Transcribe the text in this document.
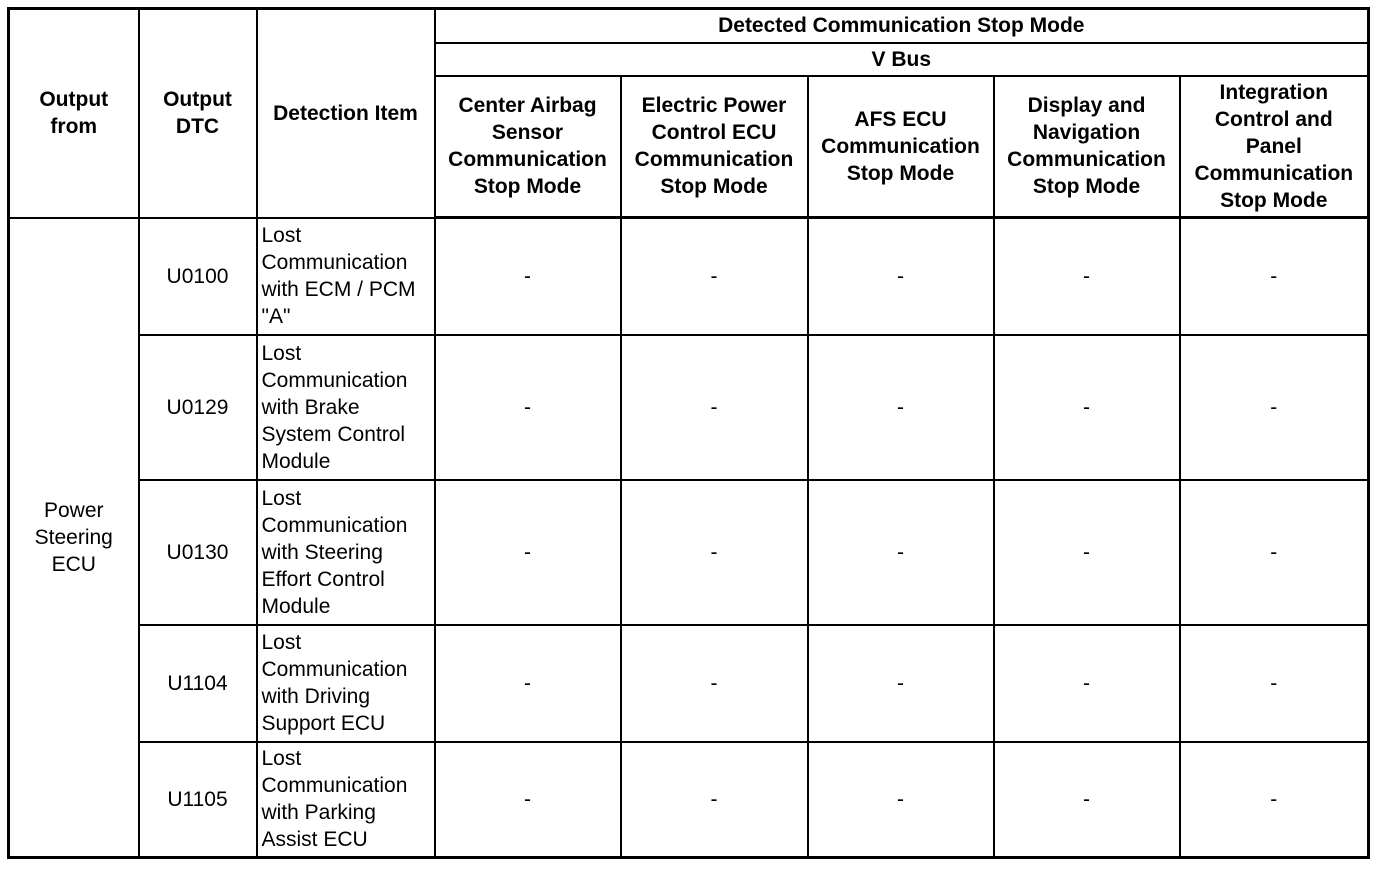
Output from	Output DTC	Detection Item	Detected Communication Stop Mode				
			V Bus				
			Center Airbag Sensor Communication Stop Mode	Electric Power Control ECU Communication Stop Mode	AFS ECU Communication Stop Mode	Display and Navigation Communication Stop Mode	Integration Control and Panel Communication Stop Mode
Power Steering ECU	U0100	Lost Communication with ECM / PCM "A"	-	-	-	-	-
	U0129	Lost Communication with Brake System Control Module	-	-	-	-	-
	U0130	Lost Communication with Steering Effort Control Module	-	-	-	-	-
	U1104	Lost Communication with Driving Support ECU	-	-	-	-	-
	U1105	Lost Communication with Parking Assist ECU	-	-	-	-	-
